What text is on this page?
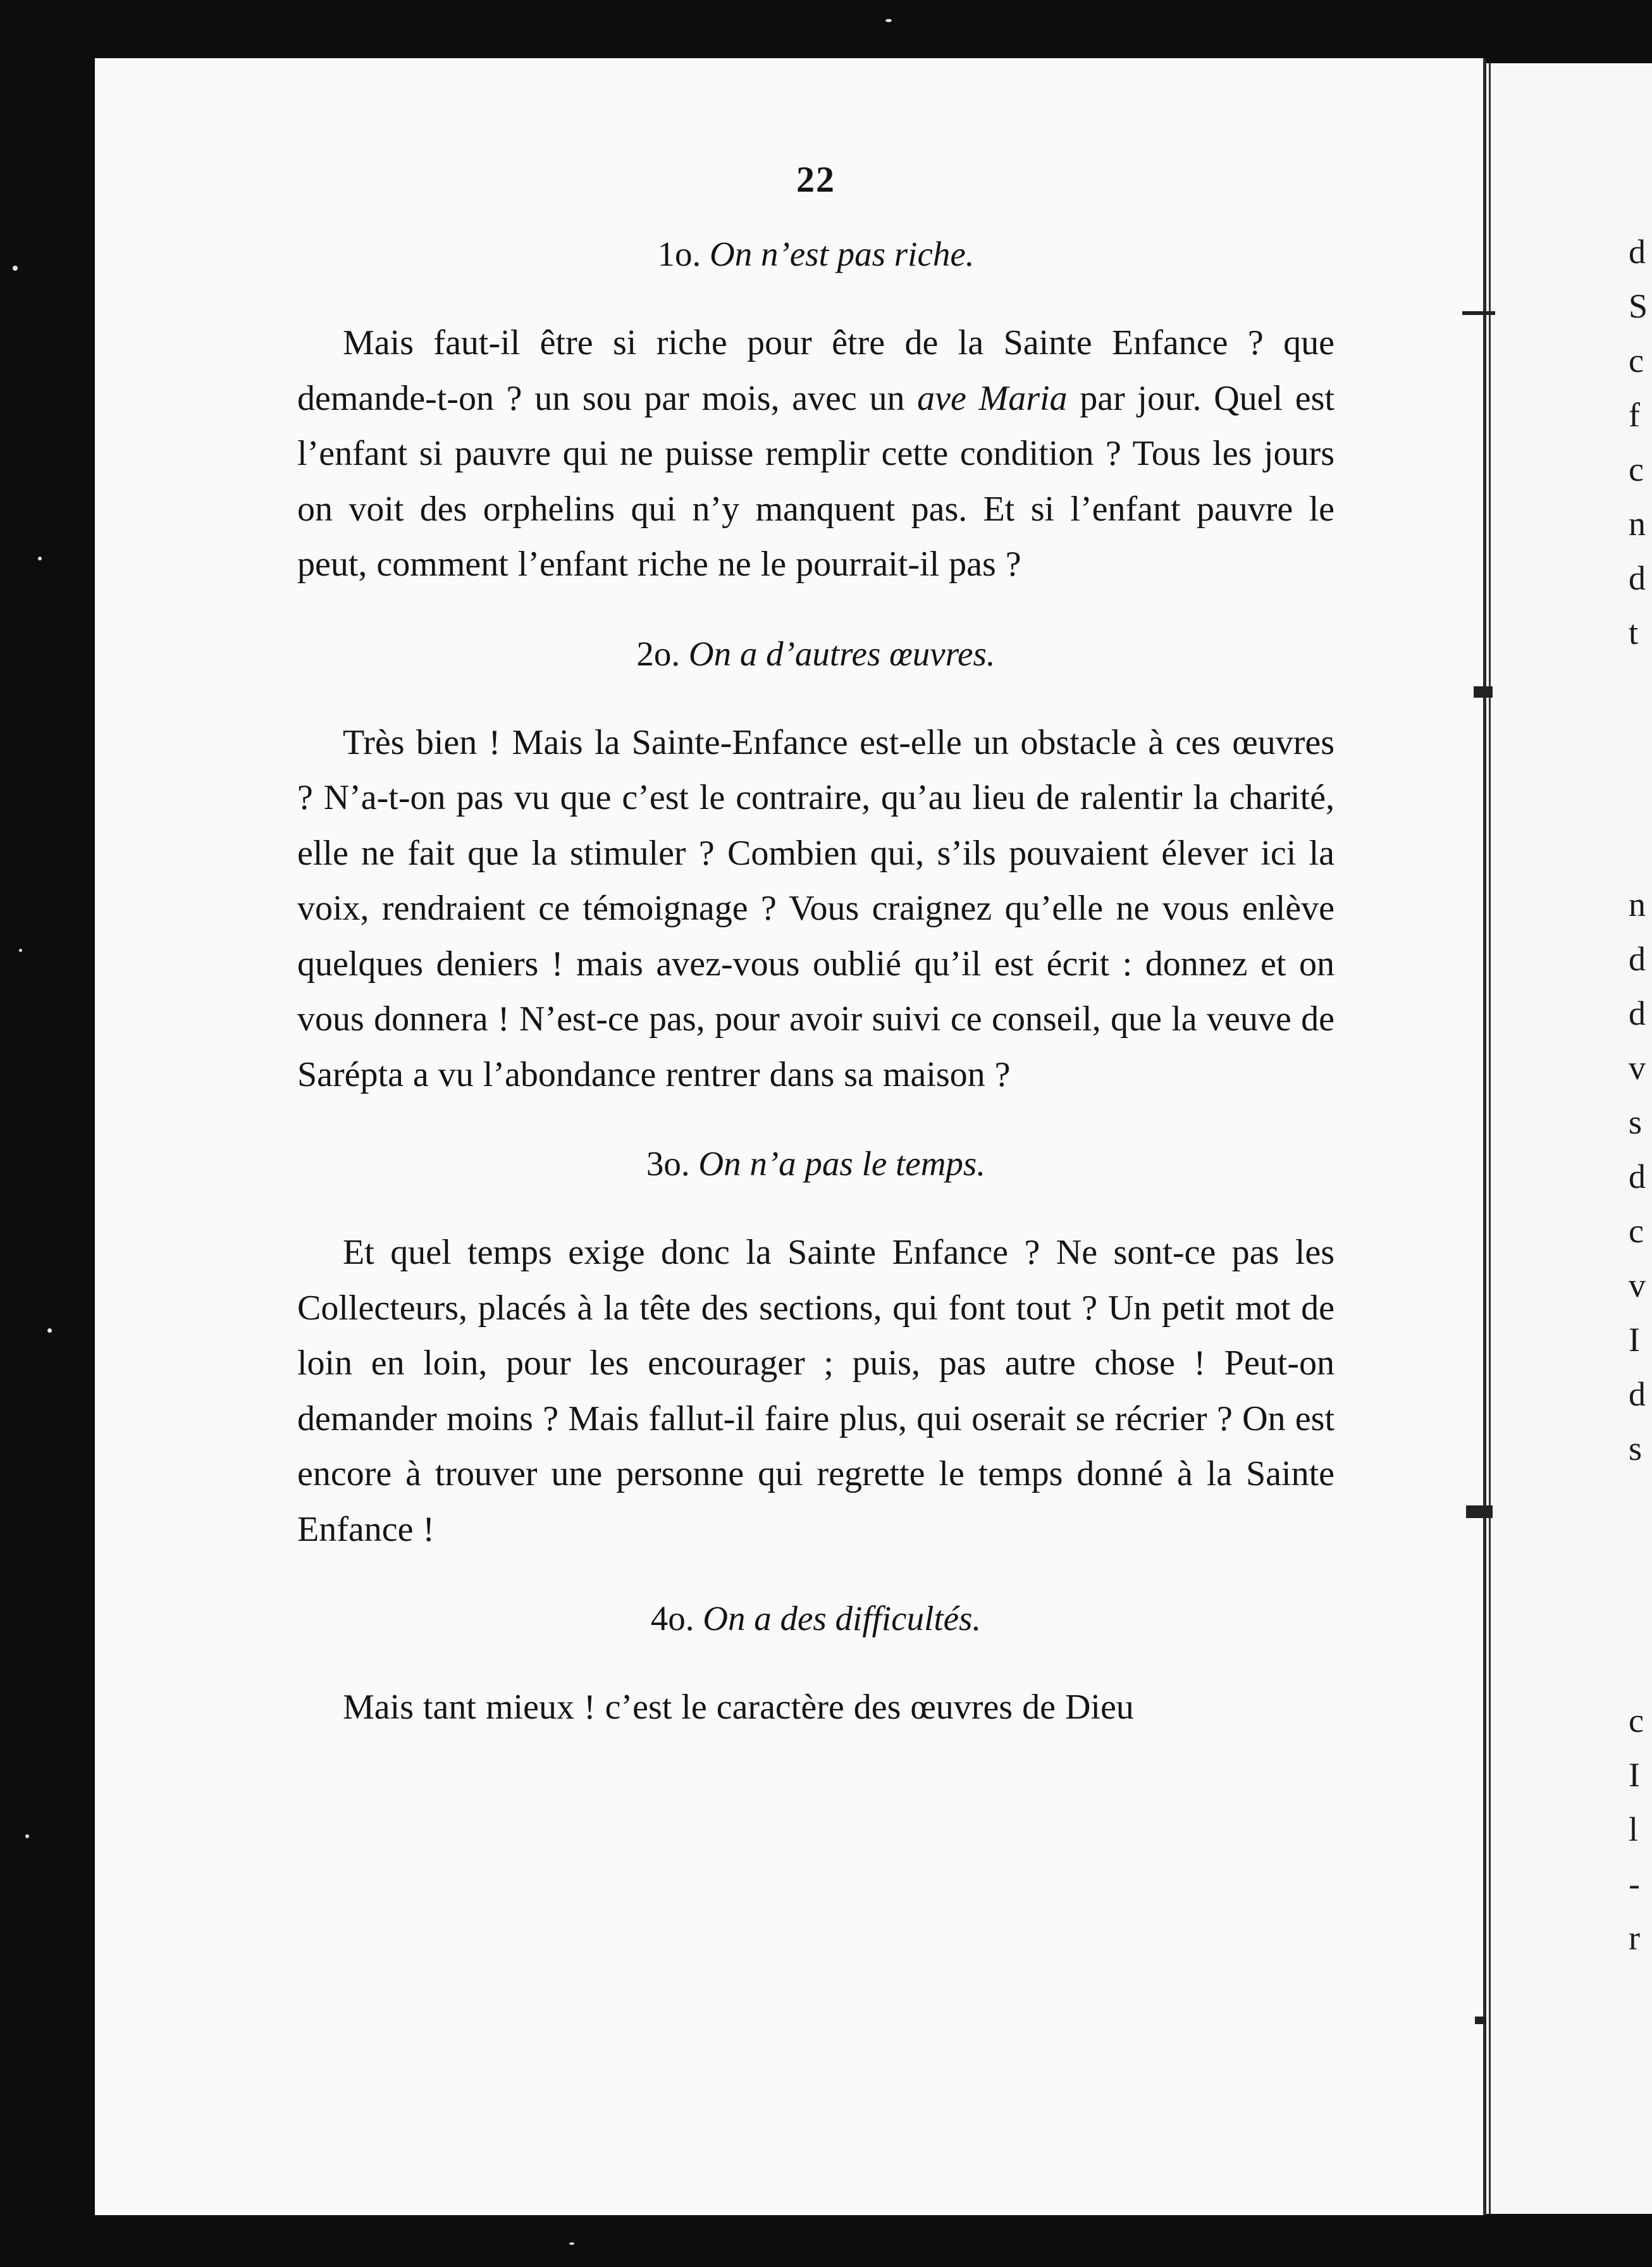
d
S
c
f
c
n
d
t
n
d
d
v
s
d
c
v
I
d
s
c
I
l
-
r
22
1o. On n’est pas riche.

Mais faut-il être si riche pour être de la Sainte Enfance ? que demande-t-on ? un sou par mois, avec un ave Maria par jour. Quel est l’enfant si pauvre qui ne puisse remplir cette condition ? Tous les jours on voit des orphelins qui n’y manquent pas. Et si l’enfant pauvre le peut, comment l’enfant riche ne le pourrait-il pas ?

2o. On a d’autres œuvres.

Très bien ! Mais la Sainte-Enfance est-elle un obstacle à ces œuvres ? N’a-t-on pas vu que c’est le contraire, qu’au lieu de ralentir la charité, elle ne fait que la stimuler ? Combien qui, s’ils pouvaient élever ici la voix, rendraient ce témoignage ? Vous craignez qu’elle ne vous enlève quelques deniers ! mais avez-vous oublié qu’il est écrit : donnez et on vous donnera ! N’est-ce pas, pour avoir suivi ce conseil, que la veuve de Sarépta a vu l’abondance rentrer dans sa maison ?

3o. On n’a pas le temps.

Et quel temps exige donc la Sainte Enfance ? Ne sont-ce pas les Collecteurs, placés à la tête des sections, qui font tout ? Un petit mot de loin en loin, pour les encourager ; puis, pas autre chose ! Peut-on demander moins ? Mais fallut-il faire plus, qui oserait se récrier ? On est encore à trouver une personne qui regrette le temps donné à la Sainte Enfance !

4o. On a des difficultés.

Mais tant mieux ! c’est le caractère des œuvres de Dieu
